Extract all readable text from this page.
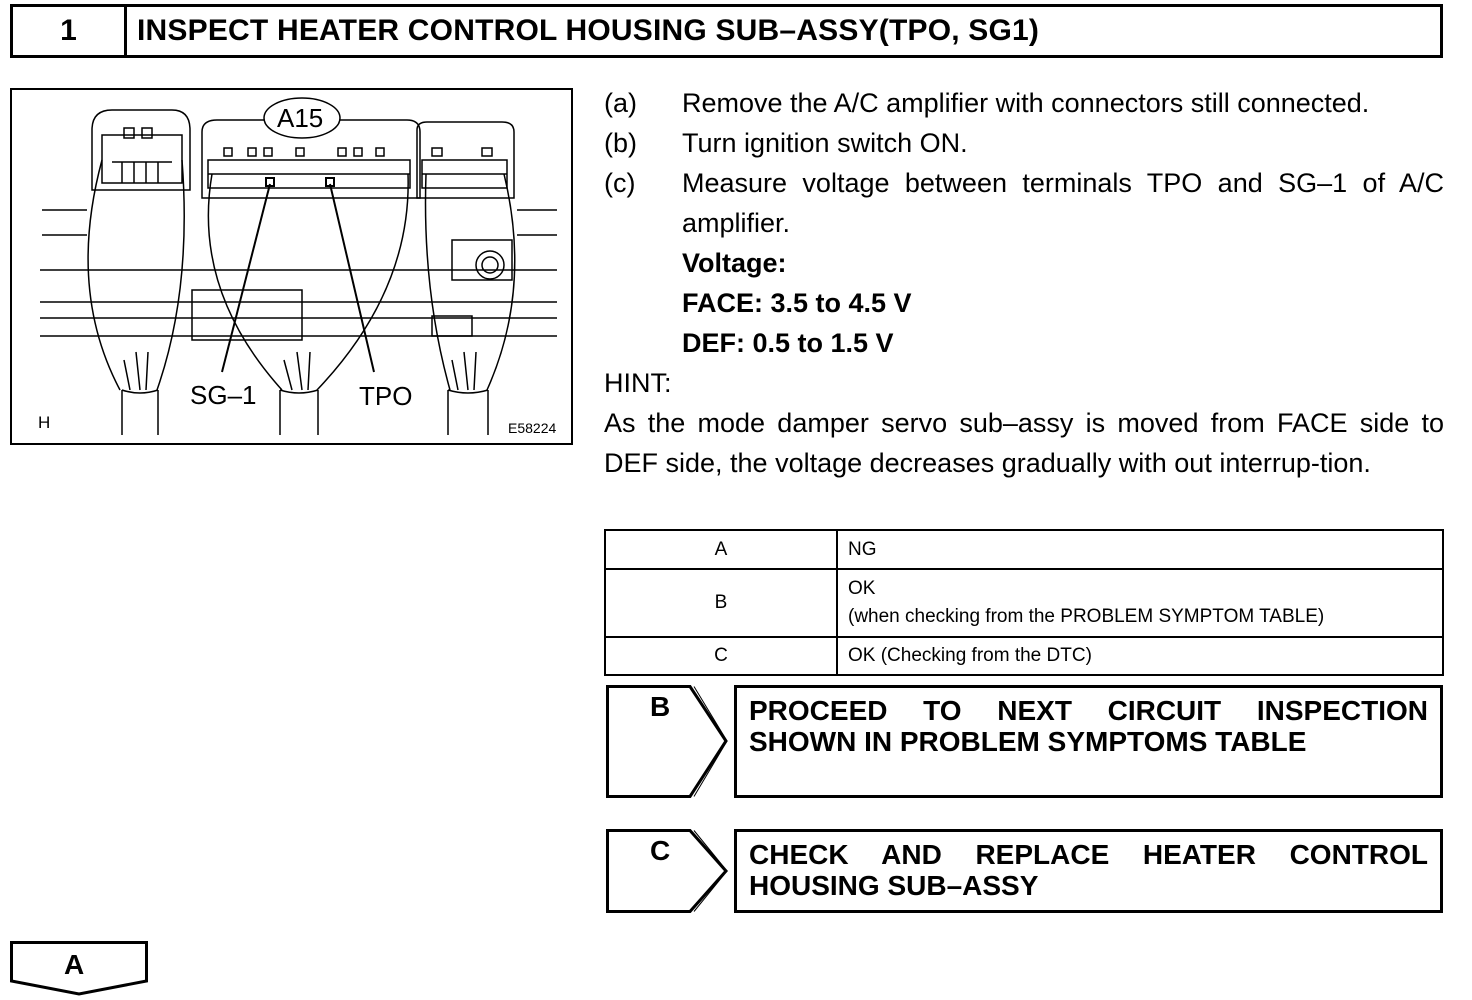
1	INSPECT HEATER CONTROL HOUSING SUB–ASSY(TPO, SG1)
A15
SG–1	TPO
H	E58224
(a)	Remove the A/C amplifier with connectors still connected.
(b)	Turn ignition switch ON.
(c)	Measure voltage between terminals TPO and SG–1 of A/C amplifier.
Voltage:
FACE: 3.5 to 4.5 V
DEF: 0.5 to 1.5 V
HINT:
As the mode damper servo sub–assy is moved from FACE side to DEF side, the voltage decreases gradually with out interrup-tion.
A	NG
B	OK
(when checking from the PROBLEM SYMPTOM TABLE)

C	OK (Checking from the DTC)
B	PROCEED TO NEXT CIRCUIT INSPECTION SHOWN IN PROBLEM SYMPTOMS TABLE
C	CHECK AND REPLACE HEATER CONTROL HOUSING SUB–ASSY
A
